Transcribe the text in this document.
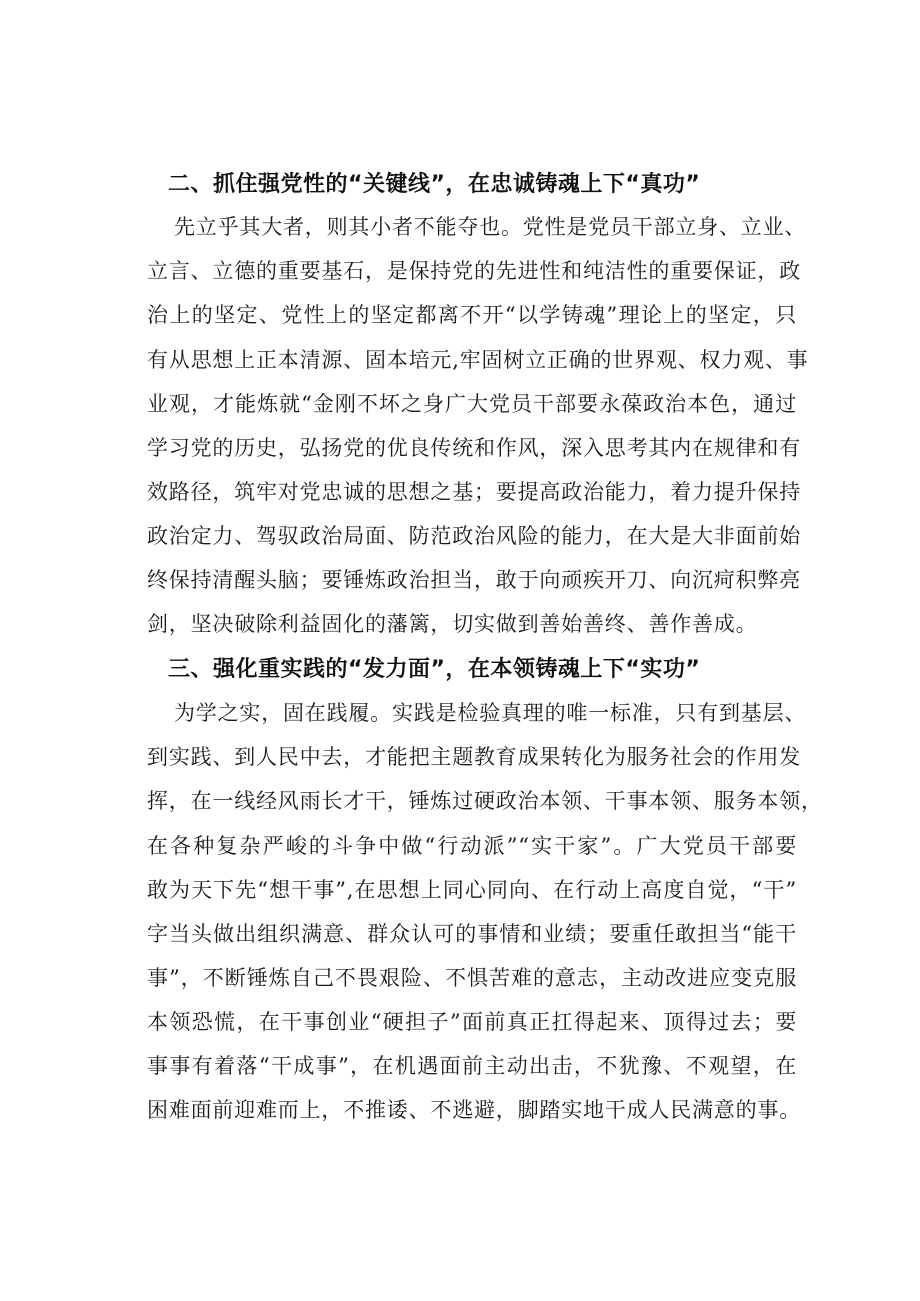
二、抓住强党性的“关键线”，在忠诚铸魂上下“真功”
先立乎其大者，则其小者不能夺也。党性是党员干部立身、立业、
立言、立德的重要基石，是保持党的先进性和纯洁性的重要保证，政
治上的坚定、党性上的坚定都离不开“以学铸魂”理论上的坚定，只
有从思想上正本清源、固本培元,牢固树立正确的世界观、权力观、事
业观，才能炼就“金刚不坏之身广大党员干部要永葆政治本色，通过
学习党的历史，弘扬党的优良传统和作风，深入思考其内在规律和有
效路径，筑牢对党忠诚的思想之基；要提高政治能力，着力提升保持
政治定力、驾驭政治局面、防范政治风险的能力，在大是大非面前始
终保持清醒头脑；要锤炼政治担当，敢于向顽疾开刀、向沉疴积弊亮
剑，坚决破除利益固化的藩篱，切实做到善始善终、善作善成。
三、强化重实践的“发力面”，在本领铸魂上下“实功”
为学之实，固在践履。实践是检验真理的唯一标准，只有到基层、
到实践、到人民中去，才能把主题教育成果转化为服务社会的作用发
挥，在一线经风雨长才干，锤炼过硬政治本领、干事本领、服务本领，
在各种复杂严峻的斗争中做“行动派”“实干家”。广大党员干部要
敢为天下先“想干事”,在思想上同心同向、在行动上高度自觉，“干”
字当头做出组织满意、群众认可的事情和业绩；要重任敢担当“能干
事”，不断锤炼自己不畏艰险、不惧苦难的意志，主动改进应变克服
本领恐慌，在干事创业“硬担子”面前真正扛得起来、顶得过去；要
事事有着落“干成事”，在机遇面前主动出击，不犹豫、不观望，在
困难面前迎难而上，不推诿、不逃避，脚踏实地干成人民满意的事。
